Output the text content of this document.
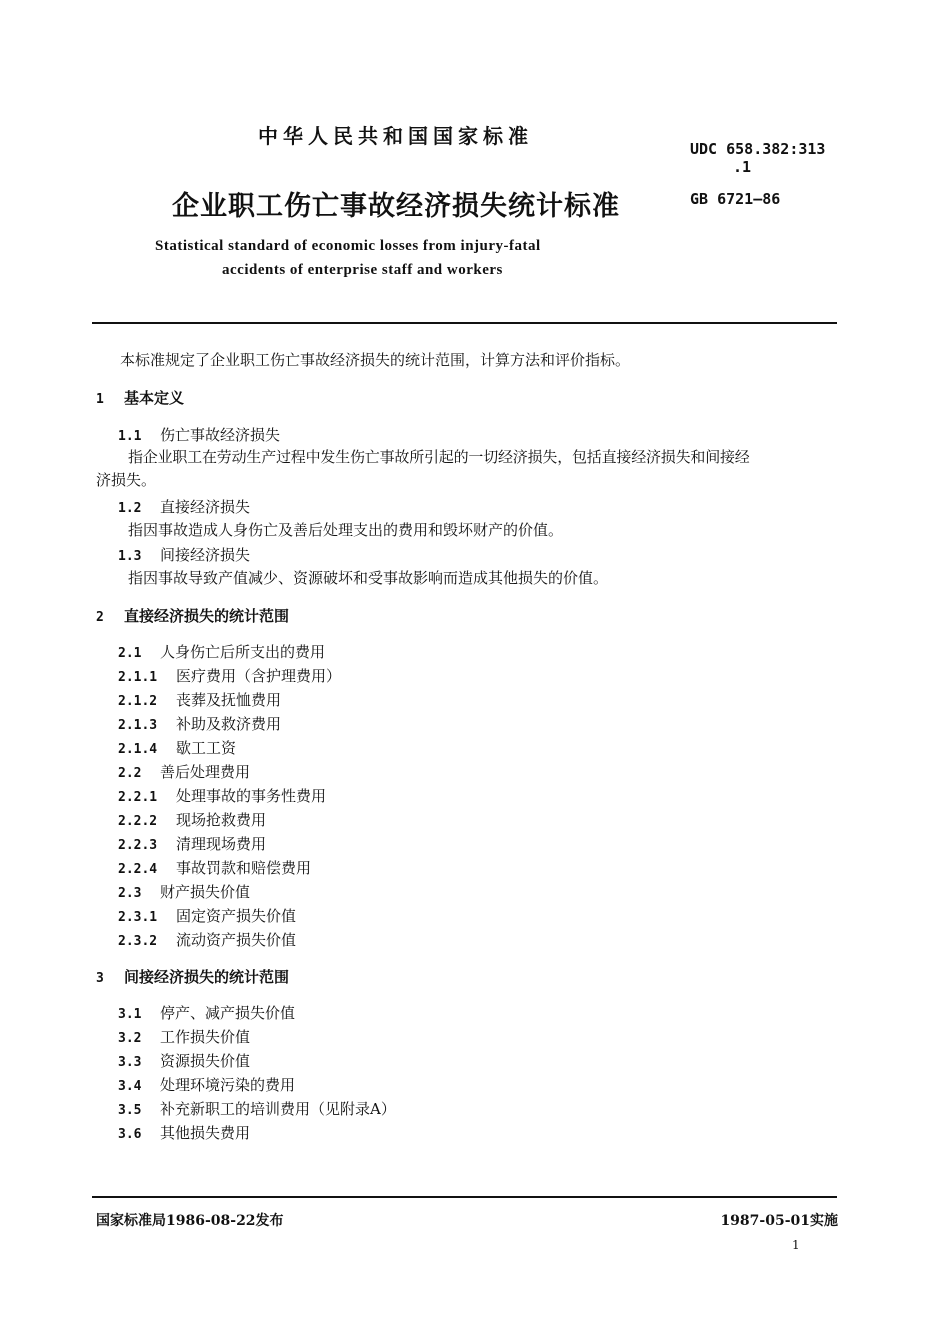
中华人民共和国国家标准
UDC 658.382:313
.1
企业职工伤亡事故经济损失统计标准	GB 6721—86
Statistical standard of economic losses from injury-fatal
accidents of enterprise staff and workers
本标准规定了企业职工伤亡事故经济损失的统计范围，计算方法和评价指标。
1 基本定义
1.1 伤亡事故经济损失
指企业职工在劳动生产过程中发生伤亡事故所引起的一切经济损失，包括直接经济损失和间接经
济损失。
1.2 直接经济损失
指因事故造成人身伤亡及善后处理支出的费用和毁坏财产的价值。
1.3 间接经济损失
指因事故导致产值减少、资源破坏和受事故影响而造成其他损失的价值。
2 直接经济损失的统计范围
2.1 人身伤亡后所支出的费用
2.1.1 医疗费用（含护理费用）
2.1.2 丧葬及抚恤费用
2.1.3 补助及救济费用
2.1.4 歇工工资
2.2 善后处理费用
2.2.1 处理事故的事务性费用
2.2.2 现场抢救费用
2.2.3 清理现场费用
2.2.4 事故罚款和赔偿费用
2.3 财产损失价值
2.3.1 固定资产损失价值
2.3.2 流动资产损失价值
3 间接经济损失的统计范围
3.1 停产、减产损失价值
3.2 工作损失价值
3.3 资源损失价值
3.4 处理环境污染的费用
3.5 补充新职工的培训费用（见附录A）
3.6 其他损失费用
国家标准局1986-08-22发布	1987-05-01实施
1
